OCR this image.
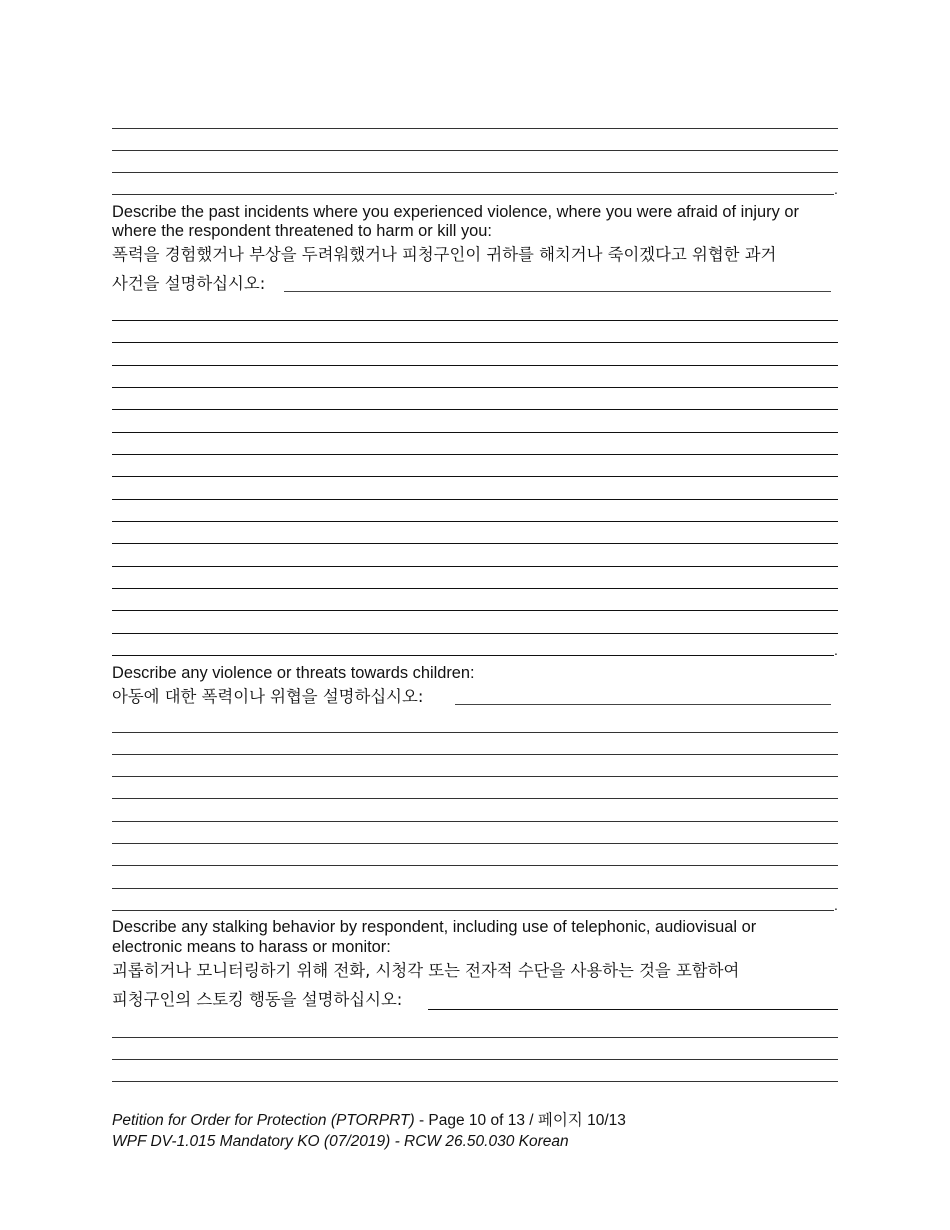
.
Describe the past incidents where you experienced violence, where you were afraid of injury or
where the respondent threatened to harm or kill you:
폭력을 경험했거나 부상을 두려워했거나 피청구인이 귀하를 해치거나 죽이겠다고 위협한 과거
사건을 설명하십시오:
.
Describe any violence or threats towards children:
아동에 대한 폭력이나 위협을 설명하십시오:
.
Describe any stalking behavior by respondent, including use of telephonic, audiovisual or
electronic means to harass or monitor:
괴롭히거나 모니터링하기 위해 전화, 시청각 또는 전자적 수단을 사용하는 것을 포함하여
피청구인의 스토킹 행동을 설명하십시오:
Petition for Order for Protection (PTORPRT) - Page 10 of 13 / 페이지 10/13
WPF DV-1.015 Mandatory KO (07/2019) - RCW 26.50.030 Korean
